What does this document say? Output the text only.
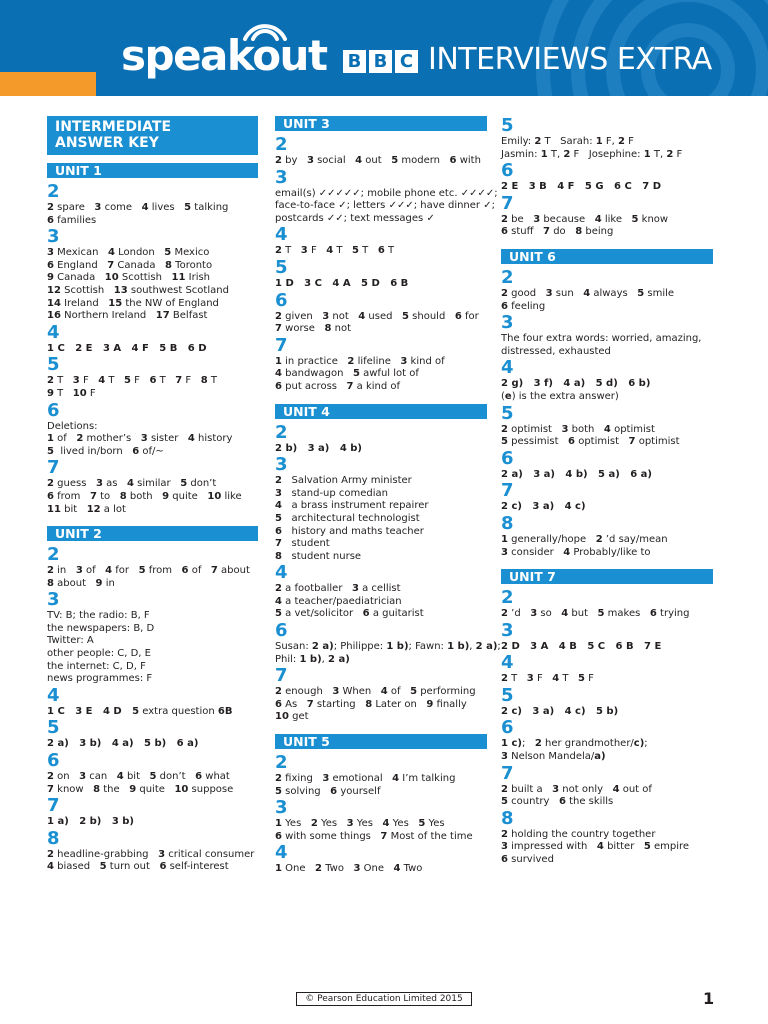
speakout B B C INTERVIEWS EXTRA
INTERMEDIATE
ANSWER KEY
UNIT 1
2
2 spare   3 come   4 lives   5 talking
6 families
3
3 Mexican   4 London   5 Mexico
6 England   7 Canada   8 Toronto
9 Canada   10 Scottish   11 Irish
12 Scottish   13 southwest Scotland
14 Ireland   15 the NW of England
16 Northern Ireland   17 Belfast
4
1 C   2 E   3 A   4 F   5 B   6 D
5
2 T   3 F   4 T   5 F   6 T   7 F   8 T
9 T   10 F
6
Deletions:
1 of   2 mother’s   3 sister   4 history
5  lived in/born   6 of/~
7
2 guess   3 as   4 similar   5 don’t
6 from   7 to   8 both   9 quite   10 like
11 bit   12 a lot
UNIT 2
2
2 in   3 of   4 for   5 from   6 of   7 about
8 about   9 in
3
TV: B; the radio: B, F
the newspapers: B, D
Twitter: A
other people: C, D, E
the internet: C, D, F
news programmes: F
4
1 C   3 E   4 D   5 extra question 6B
5
2 a)   3 b)   4 a)   5 b)   6 a)
6
2 on   3 can   4 bit   5 don’t   6 what
7 know   8 the   9 quite   10 suppose
7
1 a)   2 b)   3 b)
8
2 headline-grabbing   3 critical consumer
4 biased   5 turn out   6 self-interest
UNIT 3
2
2 by   3 social   4 out   5 modern   6 with
3
email(s) ✓✓✓✓✓; mobile phone etc. ✓✓✓✓;
face-to-face ✓; letters ✓✓✓; have dinner ✓;
postcards ✓✓; text messages ✓
4
2 T   3 F   4 T   5 T   6 T
5
1 D   3 C   4 A   5 D   6 B
6
2 given   3 not   4 used   5 should   6 for
7 worse   8 not
7
1 in practice   2 lifeline   3 kind of
4 bandwagon   5 awful lot of
6 put across   7 a kind of
UNIT 4
2
2 b)   3 a)   4 b)
3
2   Salvation Army minister
3   stand-up comedian
4   a brass instrument repairer
5   architectural technologist
6   history and maths teacher
7   student
8   student nurse
4
2 a footballer   3 a cellist
4 a teacher/paediatrician
5 a vet/solicitor   6 a guitarist
6
Susan: 2 a); Philippe: 1 b); Fawn: 1 b), 2 a);
Phil: 1 b), 2 a)
7
2 enough   3 When   4 of   5 performing
6 As   7 starting   8 Later on   9 finally
10 get
UNIT 5
2
2 fixing   3 emotional   4 I’m talking
5 solving   6 yourself
3
1 Yes   2 Yes   3 Yes   4 Yes   5 Yes
6 with some things   7 Most of the time
4
1 One   2 Two   3 One   4 Two
5
Emily: 2 T   Sarah: 1 F, 2 F
Jasmin: 1 T, 2 F   Josephine: 1 T, 2 F
6
2 E   3 B   4 F   5 G   6 C   7 D
7
2 be   3 because   4 like   5 know
6 stuff   7 do   8 being
UNIT 6
2
2 good   3 sun   4 always   5 smile
6 feeling
3
The four extra words: worried, amazing,
distressed, exhausted
4
2 g)   3 f)   4 a)   5 d)   6 b)
(e) is the extra answer)
5
2 optimist   3 both   4 optimist
5 pessimist   6 optimist   7 optimist
6
2 a)   3 a)   4 b)   5 a)   6 a)
7
2 c)   3 a)   4 c)
8
1 generally/hope   2 ’d say/mean
3 consider   4 Probably/like to
UNIT 7
2
2 ’d   3 so   4 but   5 makes   6 trying
3
2 D   3 A   4 B   5 C   6 B   7 E
4
2 T   3 F   4 T   5 F
5
2 c)   3 a)   4 c)   5 b)
6
1 c);   2 her grandmother/c);
3 Nelson Mandela/a)
7
2 built a   3 not only   4 out of
5 country   6 the skills
8
2 holding the country together
3 impressed with   4 bitter   5 empire
6 survived
© Pearson Education Limited 2015	1
